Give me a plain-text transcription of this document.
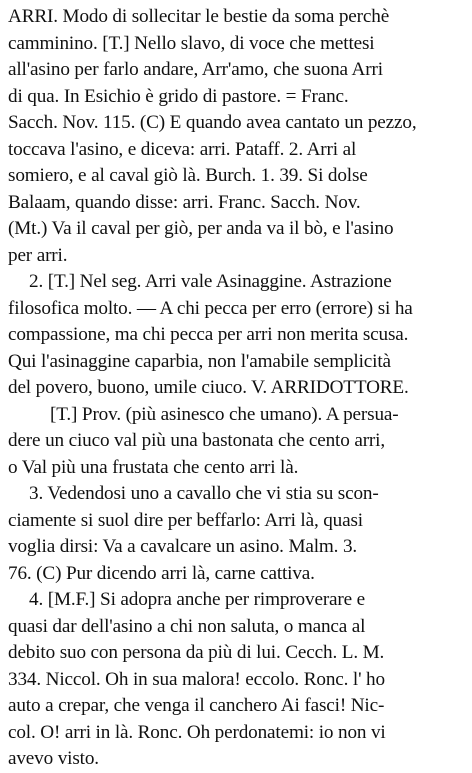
ARRI. Modo di sollecitar le bestie da soma perchè
camminino. [T.] Nello slavo, di voce che mettesi
all'asino per farlo andare, Arr'amo, che suona Arri
di qua. In Esichio è grido di pastore. = Franc.
Sacch. Nov. 115. (C) E quando avea cantato un pezzo,
toccava l'asino, e diceva: arri. Pataff. 2. Arri al
somiero, e al caval giò là. Burch. 1. 39. Si dolse
Balaam, quando disse: arri. Franc. Sacch. Nov.
(Mt.) Va il caval per giò, per anda va il bò, e l'asino
per arri.
2. [T.] Nel seg. Arri vale Asinaggine. Astrazione
filosofica molto. — A chi pecca per erro (errore) si ha
compassione, ma chi pecca per arri non merita scusa.
Qui l'asinaggine caparbia, non l'amabile semplicità
del povero, buono, umile ciuco. V. ARRIDOTTORE.
[T.] Prov. (più asinesco che umano). A persua-
dere un ciuco val più una bastonata che cento arri,
o Val più una frustata che cento arri là.
3. Vedendosi uno a cavallo che vi stia su scon-
ciamente si suol dire per beffarlo: Arri là, quasi
voglia dirsi: Va a cavalcare un asino. Malm. 3.
76. (C) Pur dicendo arri là, carne cattiva.
4. [M.F.] Si adopra anche per rimproverare e
quasi dar dell'asino a chi non saluta, o manca al
debito suo con persona da più di lui. Cecch. L. M.
334. Niccol. Oh in sua malora! eccolo. Ronc. l' ho
auto a crepar, che venga il canchero Ai fasci! Nic-
col. O! arri in là. Ronc. Oh perdonatemi: io non vi
avevo visto.
